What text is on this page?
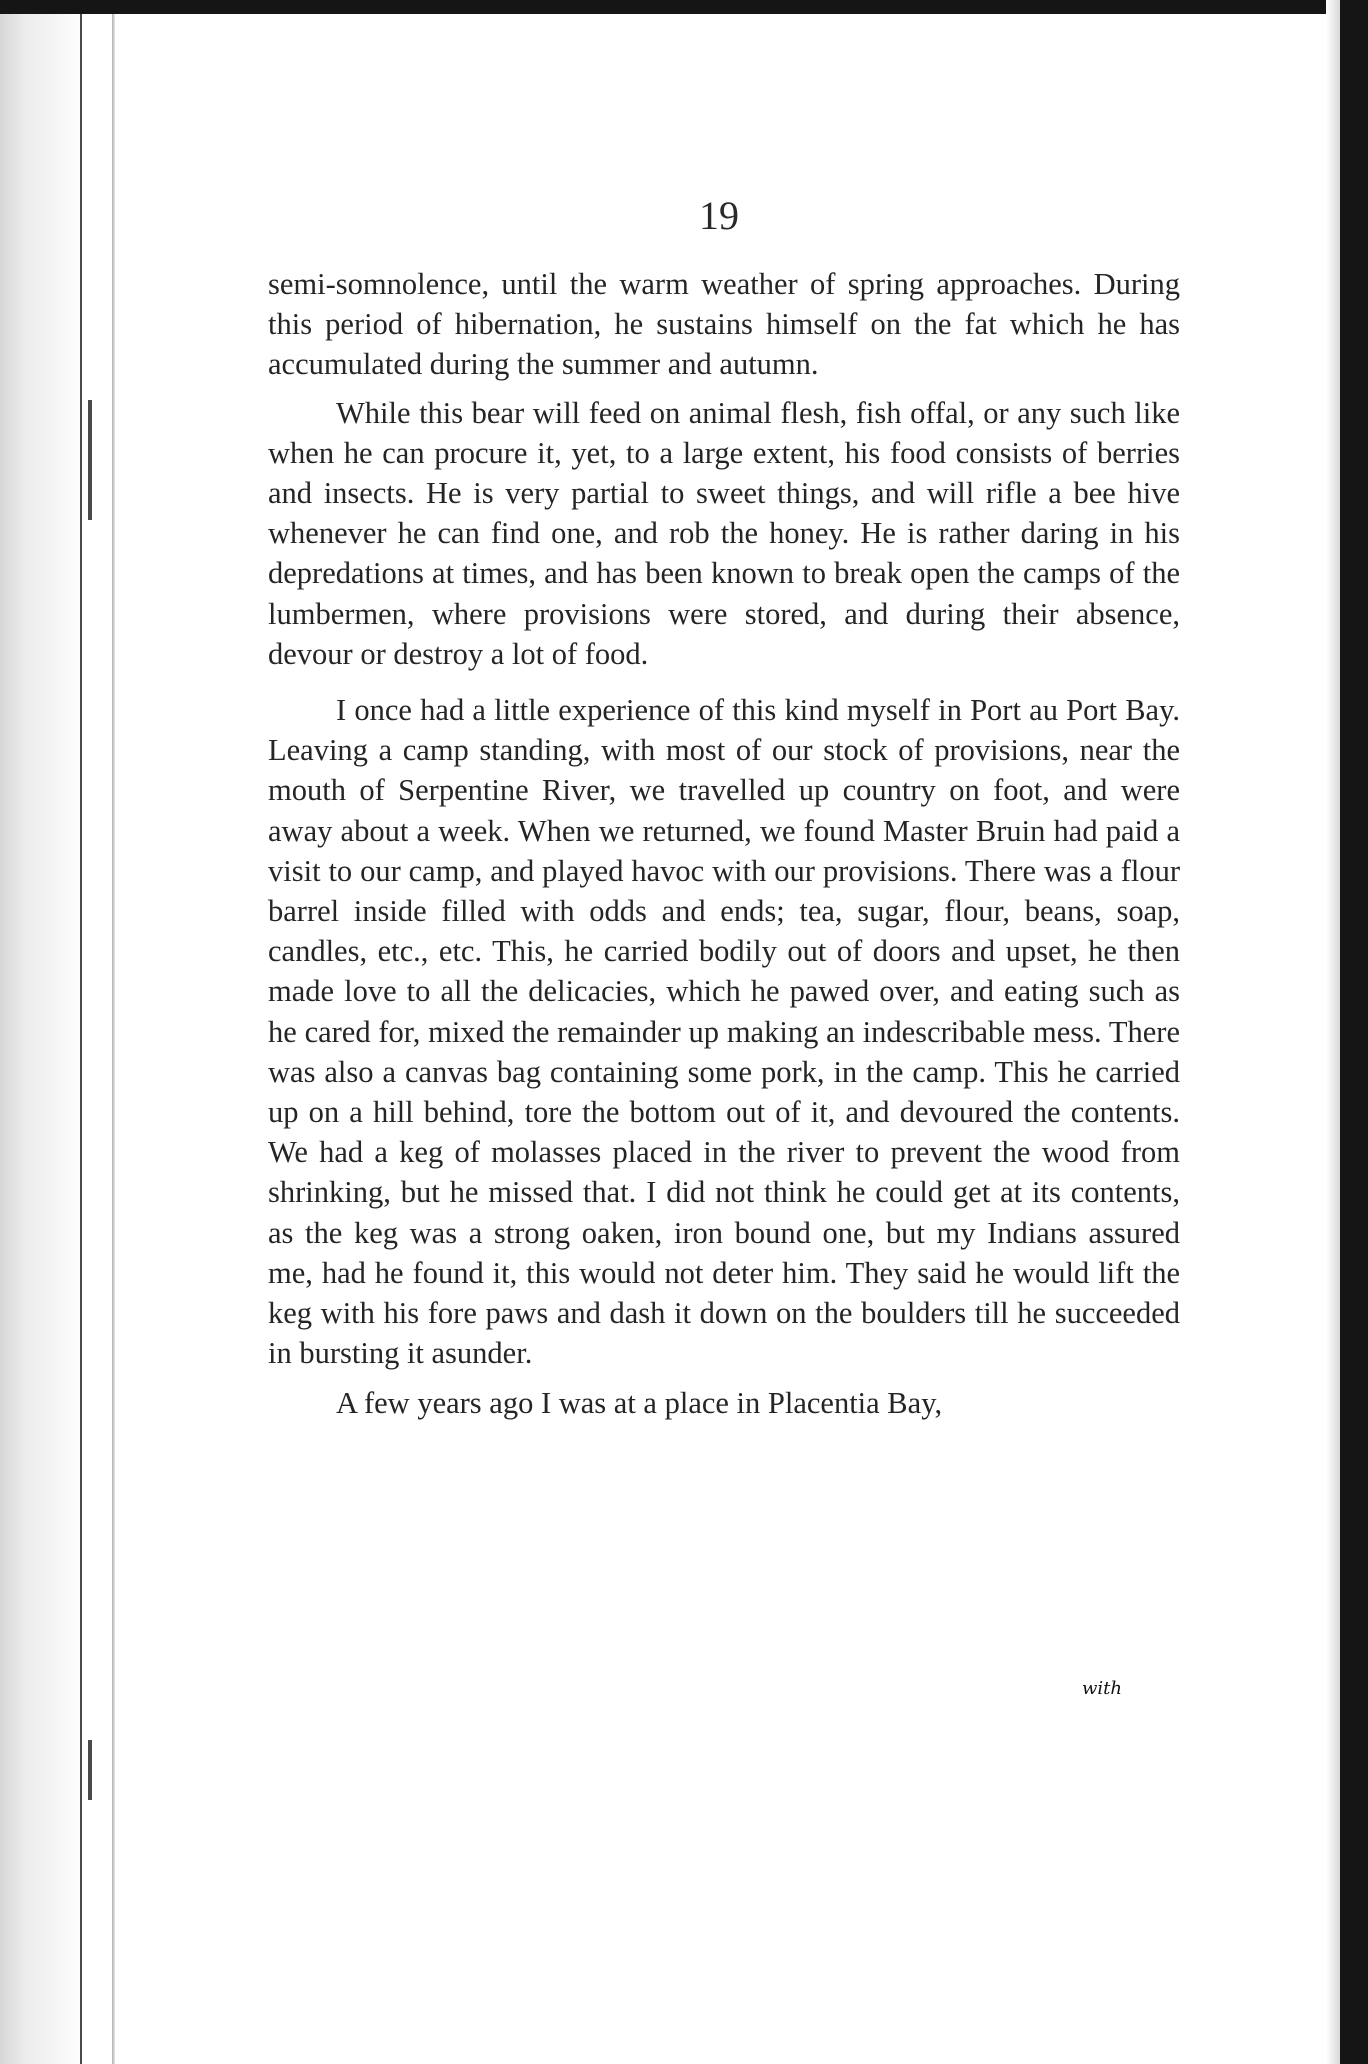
19

semi-somnolence, until the warm weather of spring approaches. During this period of hibernation, he sustains himself on the fat which he has accumulated during the summer and autumn.

While this bear will feed on animal flesh, fish offal, or any such like when he can procure it, yet, to a large extent, his food consists of berries and insects. He is very partial to sweet things, and will rifle a bee hive whenever he can find one, and rob the honey. He is rather daring in his depredations at times, and has been known to break open the camps of the lumbermen, where provisions were stored, and during their absence, devour or destroy a lot of food.

I once had a little experience of this kind myself in Port au Port Bay. Leaving a camp standing, with most of our stock of provisions, near the mouth of Serpentine River, we travelled up country on foot, and were away about a week. When we returned, we found Master Bruin had paid a visit to our camp, and played havoc with our provisions. There was a flour barrel inside filled with odds and ends; tea, sugar, flour, beans, soap, candles, etc., etc. This, he carried bodily out of doors and upset, he then made love to all the delicacies, which he pawed over, and eating such as he cared for, mixed the remainder up making an indescribable mess. There was also a canvas bag containing some pork, in the camp. This he carried up on a hill behind, tore the bottom out of it, and devoured the contents. We had a keg of molasses placed in the river to prevent the wood from shrinking, but he missed that. I did not think he could get at its contents, as the keg was a strong oaken, iron bound one, but my Indians assured me, had he found it, this would not deter him. They said he would lift the keg with his fore paws and dash it down on the boulders till he succeeded in bursting it asunder.

A few years ago I was at a place in Placentia Bay,

with
